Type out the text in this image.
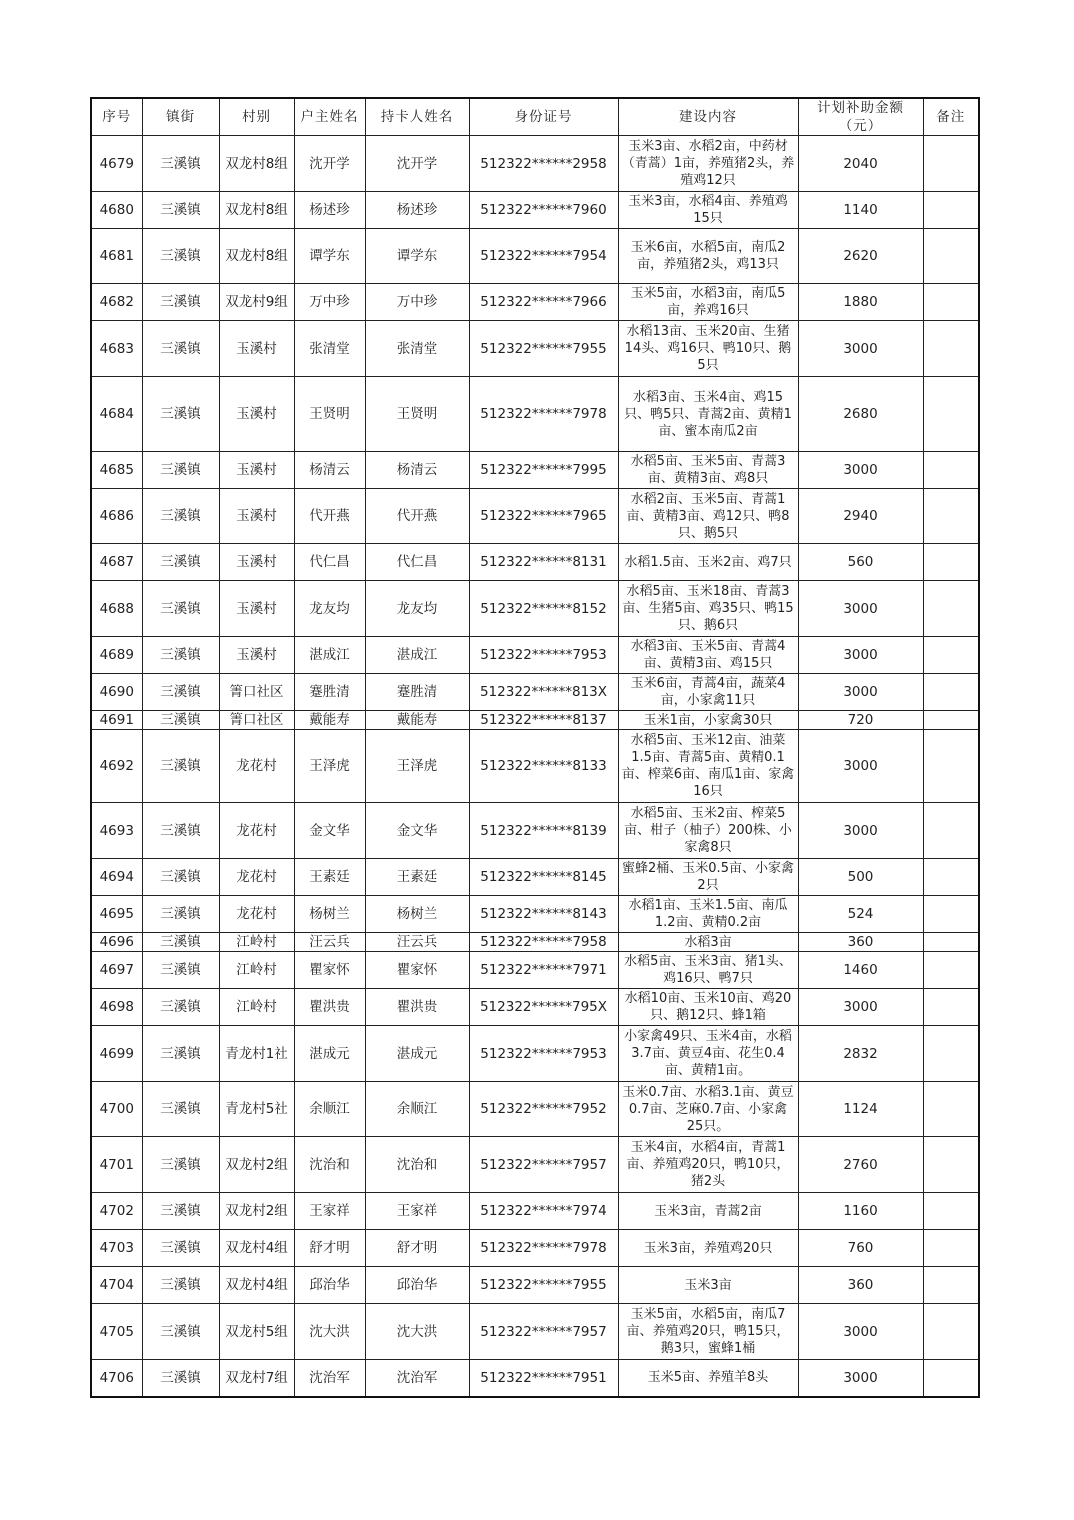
序号	镇街	村别	户主姓名	持卡人姓名	身份证号	建设内容	计划补助金额（元）	备注
4679	三溪镇	双龙村8组	沈开学	沈开学	512322******2958	玉米3亩、水稻2亩，中药材（青蒿）1亩，养殖猪2头，养殖鸡12只	2040	
4680	三溪镇	双龙村8组	杨述珍	杨述珍	512322******7960	玉米3亩，水稻4亩、养殖鸡15只	1140	
4681	三溪镇	双龙村8组	谭学东	谭学东	512322******7954	玉米6亩，水稻5亩，南瓜2亩，养殖猪2头，鸡13只	2620	
4682	三溪镇	双龙村9组	万中珍	万中珍	512322******7966	玉米5亩，水稻3亩，南瓜5亩，养鸡16只	1880	
4683	三溪镇	玉溪村	张清堂	张清堂	512322******7955	水稻13亩、玉米20亩、生猪14头、鸡16只、鸭10只、鹅5只	3000	
4684	三溪镇	玉溪村	王贤明	王贤明	512322******7978	水稻3亩、玉米4亩、鸡15只、鸭5只、青蒿2亩、黄精1亩、蜜本南瓜2亩	2680	
4685	三溪镇	玉溪村	杨清云	杨清云	512322******7995	水稻5亩、玉米5亩、青蒿3亩、黄精3亩、鸡8只	3000	
4686	三溪镇	玉溪村	代开燕	代开燕	512322******7965	水稻2亩、玉米5亩、青蒿1亩、黄精3亩、鸡12只、鸭8只、鹅5只	2940	
4687	三溪镇	玉溪村	代仁昌	代仁昌	512322******8131	水稻1.5亩、玉米2亩、鸡7只	560	
4688	三溪镇	玉溪村	龙友均	龙友均	512322******8152	水稻5亩、玉米18亩、青蒿3亩、生猪5亩、鸡35只、鸭15只、鹅6只	3000	
4689	三溪镇	玉溪村	湛成江	湛成江	512322******7953	水稻3亩、玉米5亩、青蒿4亩、黄精3亩、鸡15只	3000	
4690	三溪镇	箐口社区	蹇胜清	蹇胜清	512322******813X	玉米6亩，青蒿4亩，蔬菜4亩，小家禽11只	3000	
4691	三溪镇	箐口社区	戴能寿	戴能寿	512322******8137	玉米1亩，小家禽30只	720	
4692	三溪镇	龙花村	王泽虎	王泽虎	512322******8133	水稻5亩、玉米12亩、油菜1.5亩、青蒿5亩、黄精0.1亩、榨菜6亩、南瓜1亩、家禽16只	3000	
4693	三溪镇	龙花村	金文华	金文华	512322******8139	水稻5亩、玉米2亩、榨菜5亩、柑子（柚子）200株、小家禽8只	3000	
4694	三溪镇	龙花村	王素廷	王素廷	512322******8145	蜜蜂2桶、玉米0.5亩、小家禽2只	500	
4695	三溪镇	龙花村	杨树兰	杨树兰	512322******8143	水稻1亩、玉米1.5亩、南瓜1.2亩、黄精0.2亩	524	
4696	三溪镇	江岭村	汪云兵	汪云兵	512322******7958	水稻3亩	360	
4697	三溪镇	江岭村	瞿家怀	瞿家怀	512322******7971	水稻5亩、玉米3亩、猪1头、鸡16只、鸭7只	1460	
4698	三溪镇	江岭村	瞿洪贵	瞿洪贵	512322******795X	水稻10亩、玉米10亩、鸡20只、鹅12只、蜂1箱	3000	
4699	三溪镇	青龙村1社	湛成元	湛成元	512322******7953	小家禽49只、玉米4亩，水稻3.7亩、黄豆4亩、花生0.4亩、黄精1亩。	2832	
4700	三溪镇	青龙村5社	余顺江	余顺江	512322******7952	玉米0.7亩、水稻3.1亩、黄豆0.7亩、芝麻0.7亩、小家禽25只。	1124	
4701	三溪镇	双龙村2组	沈治和	沈治和	512322******7957	玉米4亩，水稻4亩，青蒿1亩、养殖鸡20只，鸭10只，猪2头	2760	
4702	三溪镇	双龙村2组	王家祥	王家祥	512322******7974	玉米3亩，青蒿2亩	1160	
4703	三溪镇	双龙村4组	舒才明	舒才明	512322******7978	玉米3亩，养殖鸡20只	760	
4704	三溪镇	双龙村4组	邱治华	邱治华	512322******7955	玉米3亩	360	
4705	三溪镇	双龙村5组	沈大洪	沈大洪	512322******7957	玉米5亩，水稻5亩，南瓜7亩、养殖鸡20只，鸭15只，鹅3只，蜜蜂1桶	3000	
4706	三溪镇	双龙村7组	沈治军	沈治军	512322******7951	玉米5亩、养殖羊8头	3000	
